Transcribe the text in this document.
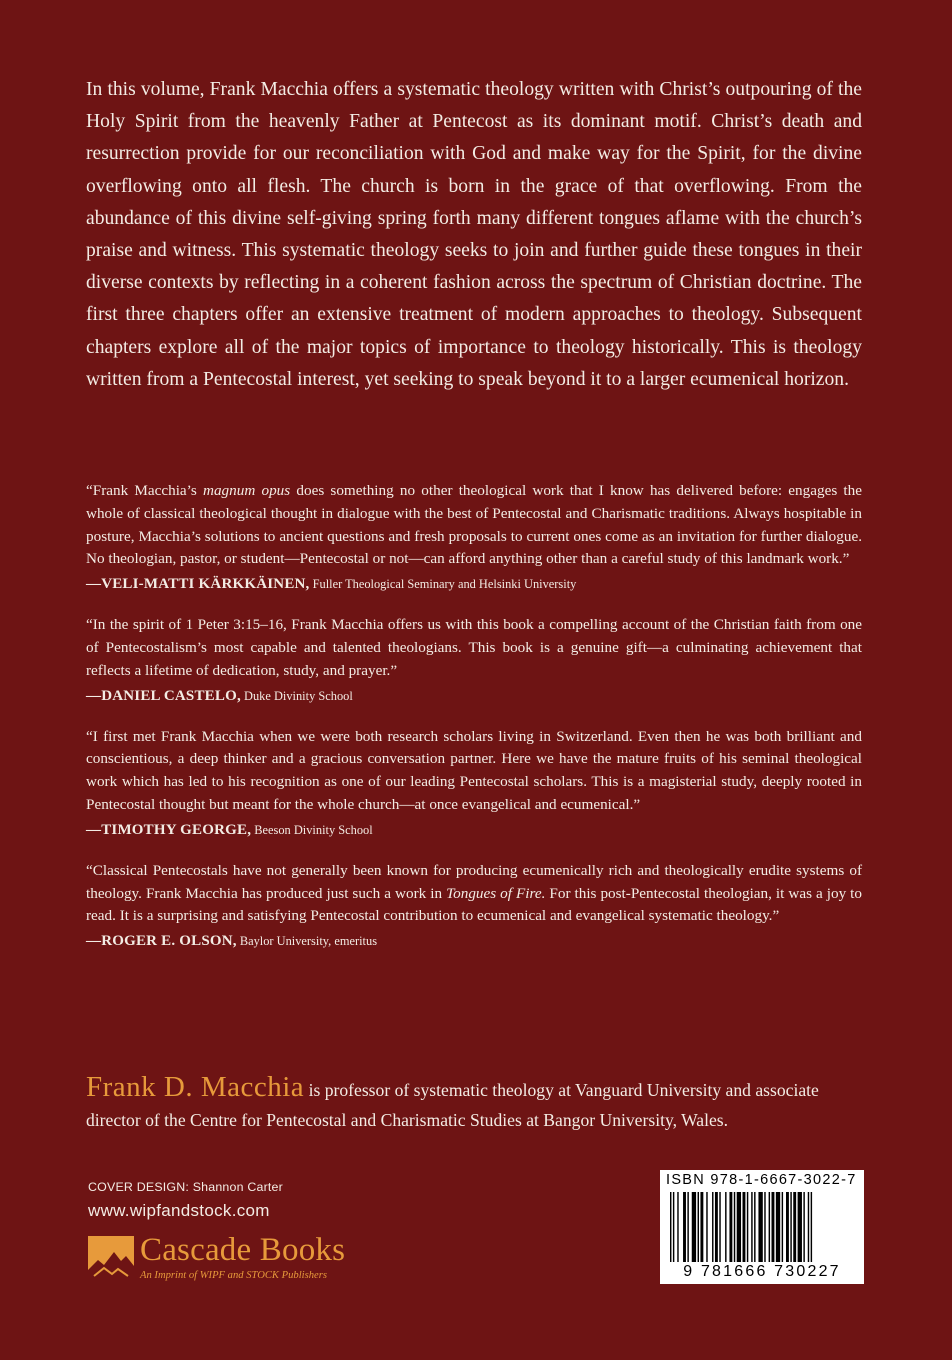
In this volume, Frank Macchia offers a systematic theology written with Christ’s outpouring of the Holy Spirit from the heavenly Father at Pentecost as its dominant motif. Christ’s death and resurrection provide for our reconciliation with God and make way for the Spirit, for the divine overflowing onto all flesh. The church is born in the grace of that overflowing. From the abundance of this divine self-giving spring forth many different tongues aflame with the church’s praise and witness. This systematic theology seeks to join and further guide these tongues in their diverse contexts by reflecting in a coherent fashion across the spectrum of Christian doctrine. The first three chapters offer an extensive treatment of modern approaches to theology. Subsequent chapters explore all of the major topics of importance to theology historically. This is theology written from a Pentecostal interest, yet seeking to speak beyond it to a larger ecumenical horizon.

“Frank Macchia’s magnum opus does something no other theological work that I know has delivered before: engages the whole of classical theological thought in dialogue with the best of Pentecostal and Charismatic traditions. Always hospitable in posture, Macchia’s solutions to ancient questions and fresh proposals to current ones come as an invitation for further dialogue. No theologian, pastor, or student—Pentecostal or not—can afford anything other than a careful study of this landmark work.”

—VELI-MATTI KÄRKKÄINEN, Fuller Theological Seminary and Helsinki University

“In the spirit of 1 Peter 3:15–16, Frank Macchia offers us with this book a compelling account of the Christian faith from one of Pentecostalism’s most capable and talented theologians. This book is a genuine gift—a culminating achievement that reflects a lifetime of dedication, study, and prayer.”

—DANIEL CASTELO, Duke Divinity School

“I first met Frank Macchia when we were both research scholars living in Switzerland. Even then he was both brilliant and conscientious, a deep thinker and a gracious conversation partner. Here we have the mature fruits of his seminal theological work which has led to his recognition as one of our leading Pentecostal scholars. This is a magisterial study, deeply rooted in Pentecostal thought but meant for the whole church—at once evangelical and ecumenical.”

—TIMOTHY GEORGE, Beeson Divinity School

“Classical Pentecostals have not generally been known for producing ecumenically rich and theologically erudite systems of theology. Frank Macchia has produced just such a work in Tongues of Fire. For this post-Pentecostal theologian, it was a joy to read. It is a surprising and satisfying Pentecostal contribution to ecumenical and evangelical systematic theology.”

—ROGER E. OLSON, Baylor University, emeritus

Frank D. Macchia is professor of systematic theology at Vanguard University and associate director of the Centre for Pentecostal and Charismatic Studies at Bangor University, Wales.

COVER DESIGN: Shannon Carter
www.wipfandstock.com
Cascade Books
An Imprint of WIPF and STOCK Publishers
ISBN 978-1-6667-3022-7
9 781666 730227
